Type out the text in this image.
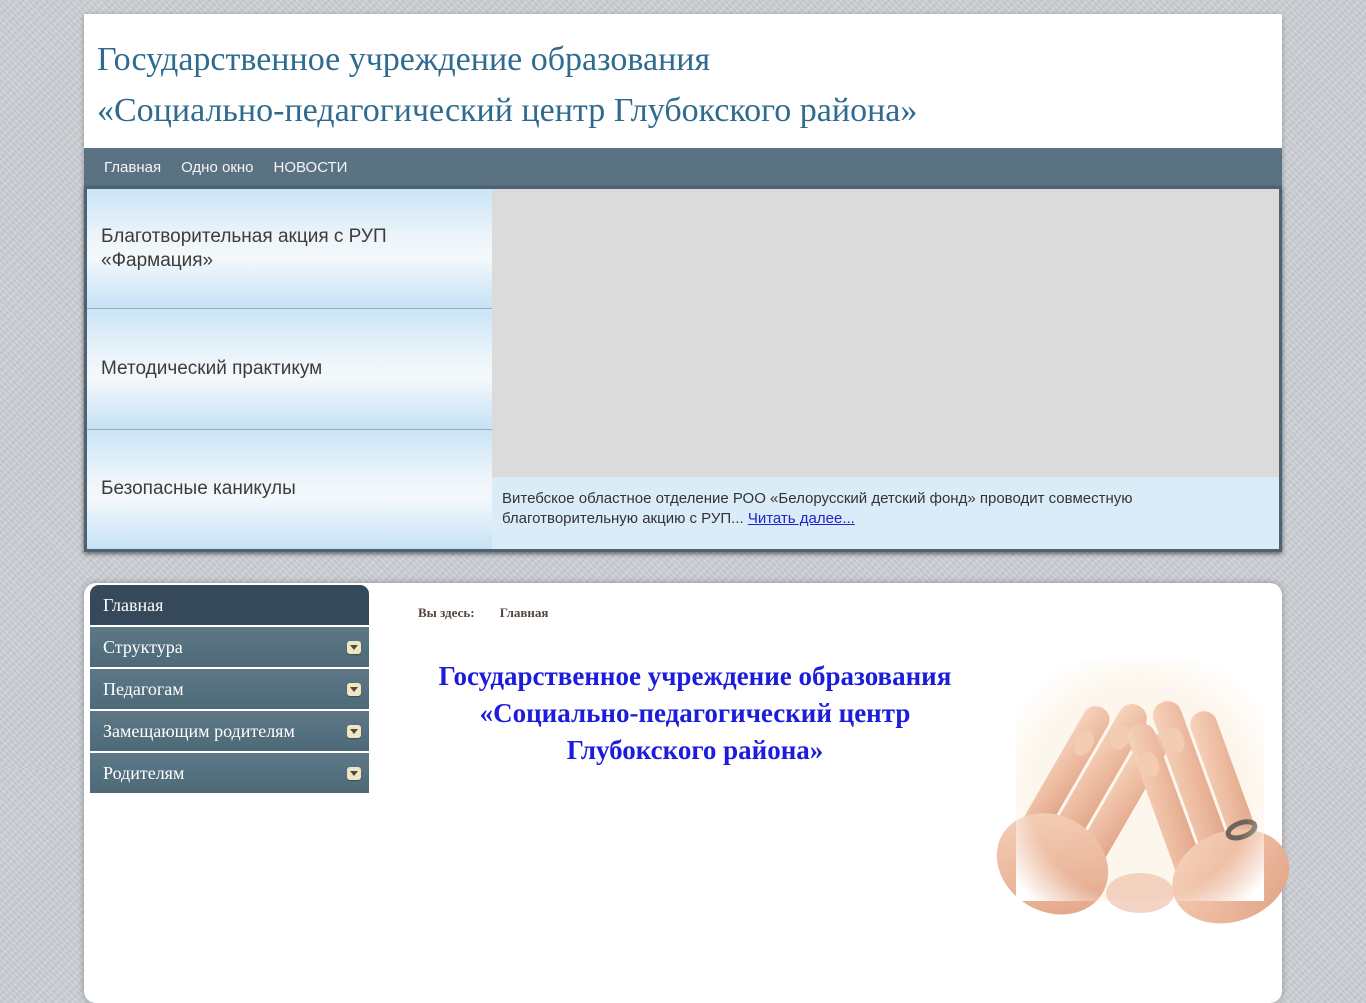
Государственное учреждение образования
«Социально-педагогический центр Глубокского района»
Главная	Одно окно	НОВОСТИ
Благотворительная акция с РУП «Фармация»
Методический практикум
Безопасные каникулы	Витебское областное отделение РОО «Белорусский детский фонд» проводит совместную благотворительную акцию с РУП... Читать далее...
Главная
Структура
Педагогам
Замещающим родителям
Родителям
Вы здесь: Главная
Государственное учреждение образования
«Социально-педагогический центр
Глубокского района»
